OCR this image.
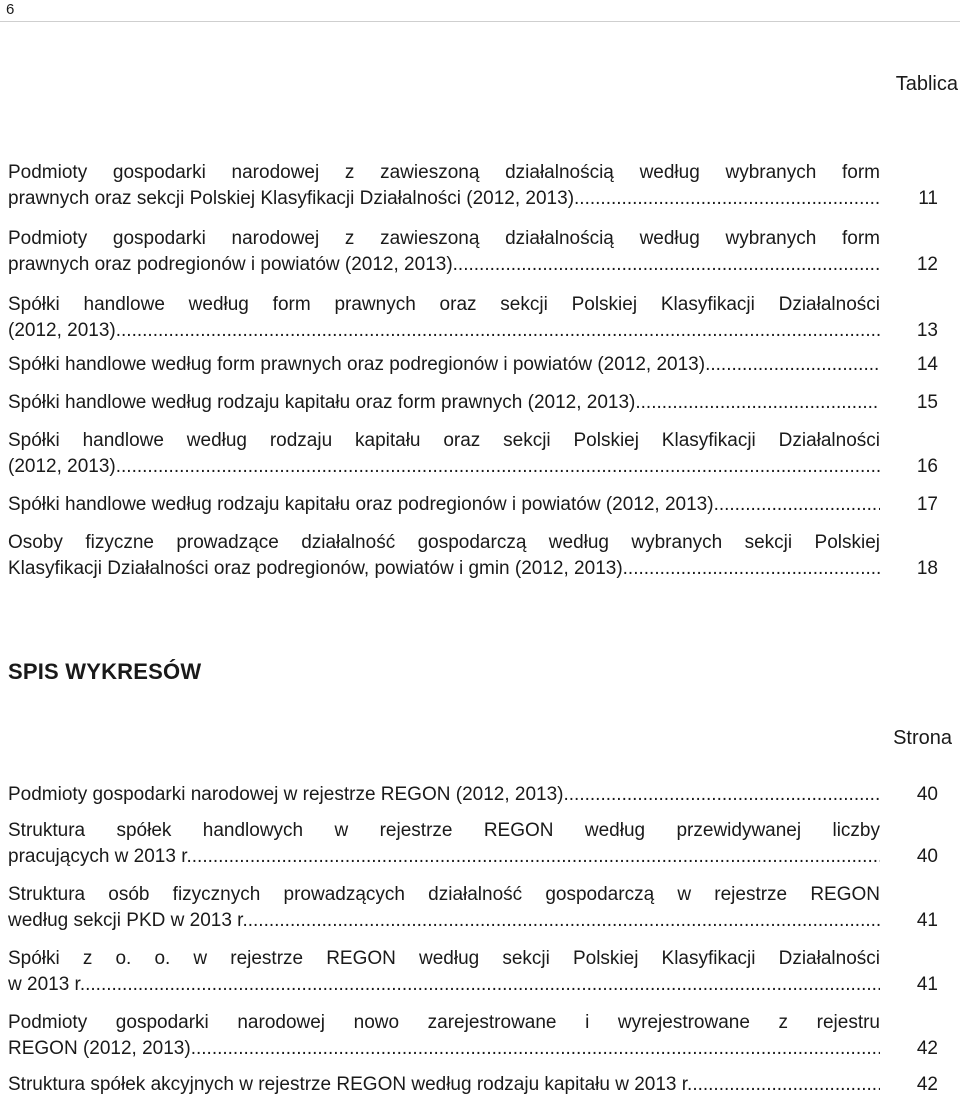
6
Tablica
Podmioty gospodarki narodowej z zawieszoną działalnością według wybranych form
prawnych oraz sekcji Polskiej Klasyfikacji Działalności (2012, 2013) .....	11
Podmioty gospodarki narodowej z zawieszoną działalnością według wybranych form
prawnych oraz podregionów i powiatów (2012, 2013) .....	12
Spółki handlowe według form prawnych oraz sekcji Polskiej Klasyfikacji Działalności
(2012, 2013) .....	13
Spółki handlowe według form prawnych oraz podregionów i powiatów (2012, 2013) .....	14
Spółki handlowe według rodzaju kapitału oraz form prawnych (2012, 2013) .....	15
Spółki handlowe według rodzaju kapitału oraz sekcji Polskiej Klasyfikacji Działalności
(2012, 2013) .....	16
Spółki handlowe według rodzaju kapitału oraz podregionów i powiatów (2012, 2013) .....	17
Osoby fizyczne prowadzące działalność gospodarczą według wybranych sekcji Polskiej
Klasyfikacji Działalności oraz podregionów, powiatów i gmin (2012, 2013) .....	18
SPIS WYKRESÓW
Strona
Podmioty gospodarki narodowej w rejestrze REGON (2012, 2013) .....	40
Struktura spółek handlowych w rejestrze REGON według przewidywanej liczby
pracujących w 2013 r. .....	40
Struktura osób fizycznych prowadzących działalność gospodarczą w rejestrze REGON
według sekcji PKD w 2013 r. .....	41
Spółki z o. o. w rejestrze REGON według sekcji Polskiej Klasyfikacji Działalności
w 2013 r. .....	41
Podmioty gospodarki narodowej nowo zarejestrowane i wyrejestrowane z rejestru
REGON (2012, 2013) .....	42
Struktura spółek akcyjnych w rejestrze REGON według rodzaju kapitału w 2013 r. .....	42
